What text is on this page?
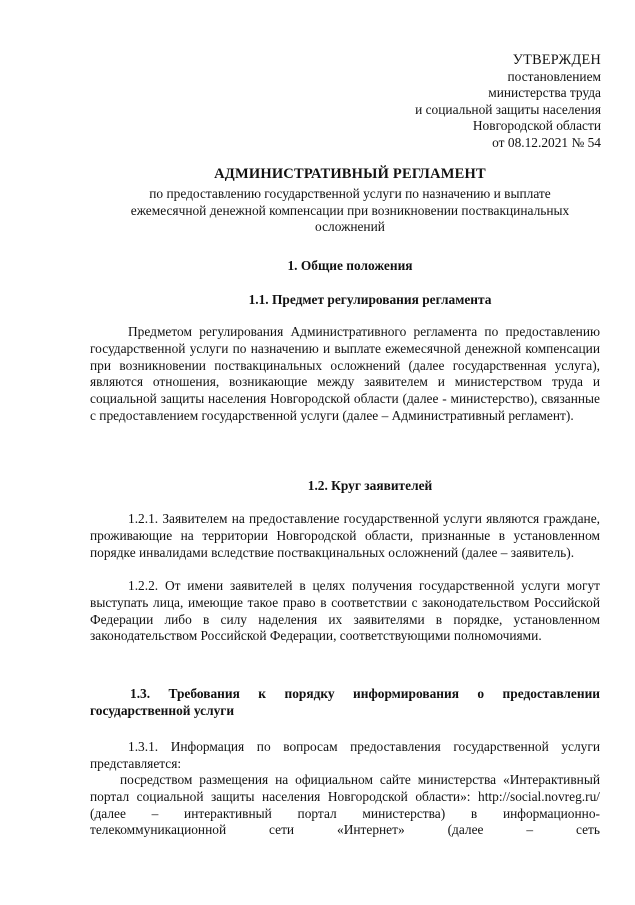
УТВЕРЖДЕН
постановлением
министерства труда
и социальной защиты населения
Новгородской области
от 08.12.2021 № 54
АДМИНИСТРАТИВНЫЙ РЕГЛАМЕНТ
по предоставлению государственной услуги по назначению и выплате
ежемесячной денежной компенсации при возникновении поствакцинальных
осложнений
1. Общие положения
1.1. Предмет регулирования регламента
Предметом регулирования Административного регламента по предоставлению государственной услуги по назначению и выплате ежемесячной денежной компенсации при возникновении поствакцинальных осложнений (далее государственная услуга), являются отношения, возникающие между заявителем и министерством труда и социальной защиты населения Новгородской области (далее - министерство), связанные с предоставлением государственной услуги (далее – Административный регламент).
1.2. Круг заявителей
1.2.1. Заявителем на предоставление государственной услуги являются граждане, проживающие на территории Новгородской области, признанные в установленном порядке инвалидами вследствие поствакцинальных осложнений (далее – заявитель).
1.2.2. От имени заявителей в целях получения государственной услуги могут выступать лица, имеющие такое право в соответствии с законодательством Российской Федерации либо в силу наделения их заявителями в порядке, установленном законодательством Российской Федерации, соответствующими полномочиями.
1.3. Требования к порядку информирования о предоставлении государственной услуги
1.3.1. Информация по вопросам предоставления государственной услуги представляется:
посредством размещения на официальном сайте министерства «Интерактивный портал социальной защиты населения Новгородской области»: http://social.novreg.ru/ (далее – интерактивный портал министерства) в информационно-телекоммуникационной сети «Интернет» (далее – сеть
